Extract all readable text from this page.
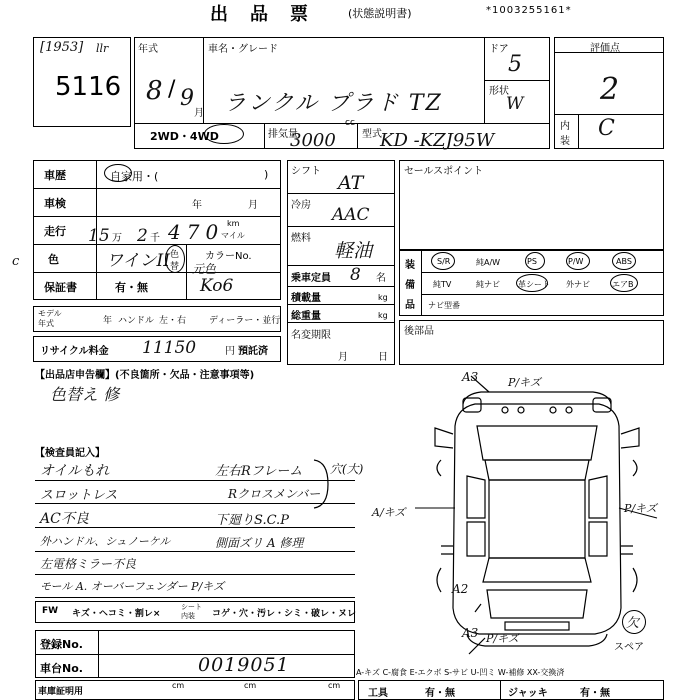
出品票 (状態説明書)	*1003255161*
[1953] llr
5116
年式
8 / 9
月
車名・グレード
ランクル プラド TZ
ドア
5
形状
W
2WD・4WD	排気量
cc
3000	型式
KD -KZJ95W
評価点
2
内
装
C
車歴	自家用・(	)
車検	年	月
走行 15 万 2 千 470 km
マイル
c	色	ワインII 色
替
カラーNo.
元色
Ko6
保証書	有・無
モデル
年式	年 ハンドル 左・右	ディーラー・並行
リサイクル料金 11150	円 預託済
シフト
AT
冷房 AAC
燃料
軽油
乗車定員 8 名
積載量	kg
総重量	kg
名変期限
月	日
セールスポイント
装
備
品
S/R	純A/W	PS	P/W	ABS
純TV	純ナビ 革シート 外ナビ	エアB
ナビ型番
後部品
【出品店申告欄】(不良箇所・欠品・注意事項等)
色替え 修
【検査員記入】
オイルもれ
スロットレス
AC不良
外ハンドル、シュノーケル
左電格ミラー不良
モール A. オーバーフェンダー P/キズ
左右Rフレーム 穴(大)
Rクロスメンバー
下廻りS.C.P
側面ズリ A 修理
A3	P/キズ
A/キズ	P/キズ
A2
A3 P/キズ
欠
スペア
FW キズ・ヘコミ・割レ×
シート
内装 コゲ・穴・汚レ・シミ・破レ・ヌレ
登録No.
車台No.	0019051
車庫証明用
cm	cm	cm
A-キズ C-腐食 E-エクボ S-サビ U-凹ミ W-補修 XX-交換済
工具	有・無	ジャッキ	有・無
